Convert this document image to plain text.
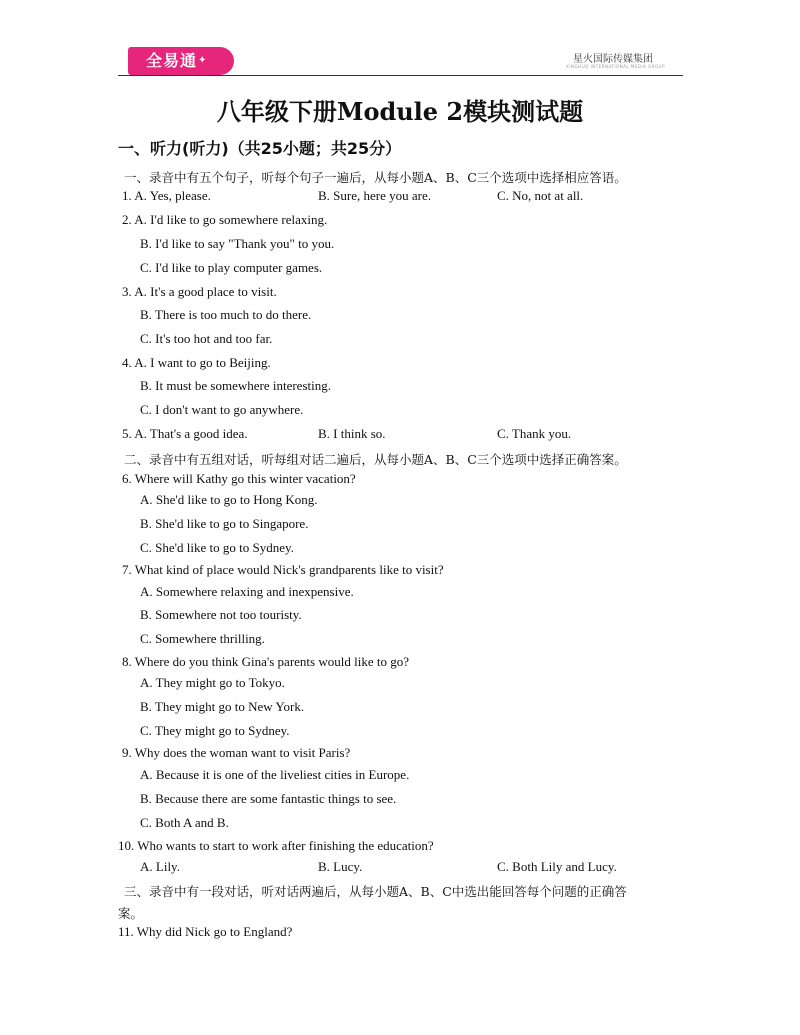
全易通✦	星火国际传媒集团
XINGHUO INTERNATIONAL MEDIA GROUP
八年级下册Module 2模块测试题
一、听力(听力)（共25小题；共25分）
一、录音中有五个句子，听每个句子一遍后，从每小题A、B、C三个选项中选择相应答语。
1. A. Yes, please.	B. Sure, here you are.	C. No, not at all.
2. A. I'd like to go somewhere relaxing.
B. I'd like to say "Thank you" to you.
C. I'd like to play computer games.
3. A. It's a good place to visit.
B. There is too much to do there.
C. It's too hot and too far.
4. A. I want to go to Beijing.
B. It must be somewhere interesting.
C. I don't want to go anywhere.
5. A. That's a good idea.	B. I think so.	C. Thank you.
二、录音中有五组对话，听每组对话二遍后，从每小题A、B、C三个选项中选择正确答案。
6. Where will Kathy go this winter vacation?
A. She'd like to go to Hong Kong.
B. She'd like to go to Singapore.
C. She'd like to go to Sydney.
7. What kind of place would Nick's grandparents like to visit?
A. Somewhere relaxing and inexpensive.
B. Somewhere not too touristy.
C. Somewhere thrilling.
8. Where do you think Gina's parents would like to go?
A. They might go to Tokyo.
B. They might go to New York.
C. They might go to Sydney.
9. Why does the woman want to visit Paris?
A. Because it is one of the liveliest cities in Europe.
B. Because there are some fantastic things to see.
C. Both A and B.
10. Who wants to start to work after finishing the education?
A. Lily.	B. Lucy.	C. Both Lily and Lucy.
三、录音中有一段对话，听对话两遍后，从每小题A、B、C中选出能回答每个问题的正确答
案。
11. Why did Nick go to England?
